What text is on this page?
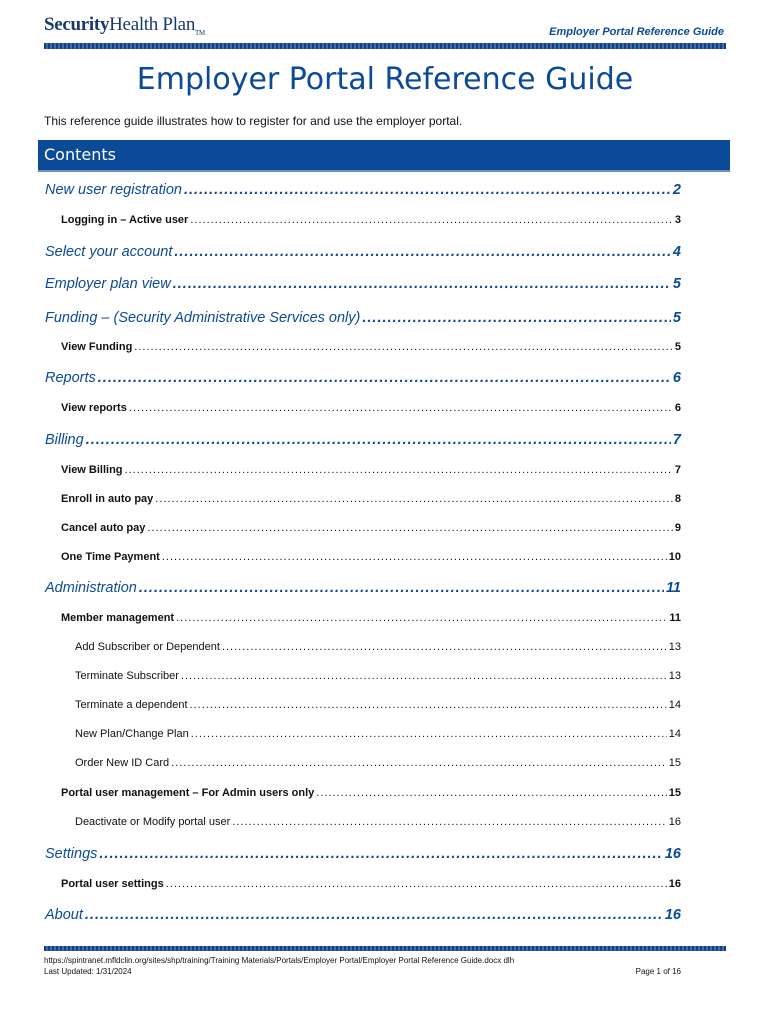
SecurityHealth Plan$_{TM}$	Employer Portal Reference Guide
Employer Portal Reference Guide
This reference guide illustrates how to register for and use the employer portal.
Contents
New user registration .....	2
Logging in – Active user .....	3
Select your account .....	4
Employer plan view .....	5
Funding – (Security Administrative Services only) .....	5
View Funding .....	5
Reports .....	6
View reports .....	6
Billing .....	7
View Billing .....	7
Enroll in auto pay .....	8
Cancel auto pay .....	9
One Time Payment .....	10
Administration .....	11
Member management .....	11
Add Subscriber or Dependent .....	13
Terminate Subscriber .....	13
Terminate a dependent .....	14
New Plan/Change Plan .....	14
Order New ID Card .....	15
Portal user management – For Admin users only .....	15
Deactivate or Modify portal user .....	16
Settings .....	16
Portal user settings .....	16
About .....	16
https://spintranet.mfldclin.org/sites/shp/training/Training Materials/Portals/Employer Portal/Employer Portal Reference Guide.docx dlh
Last Updated: 1/31/2024	Page 1 of 16
